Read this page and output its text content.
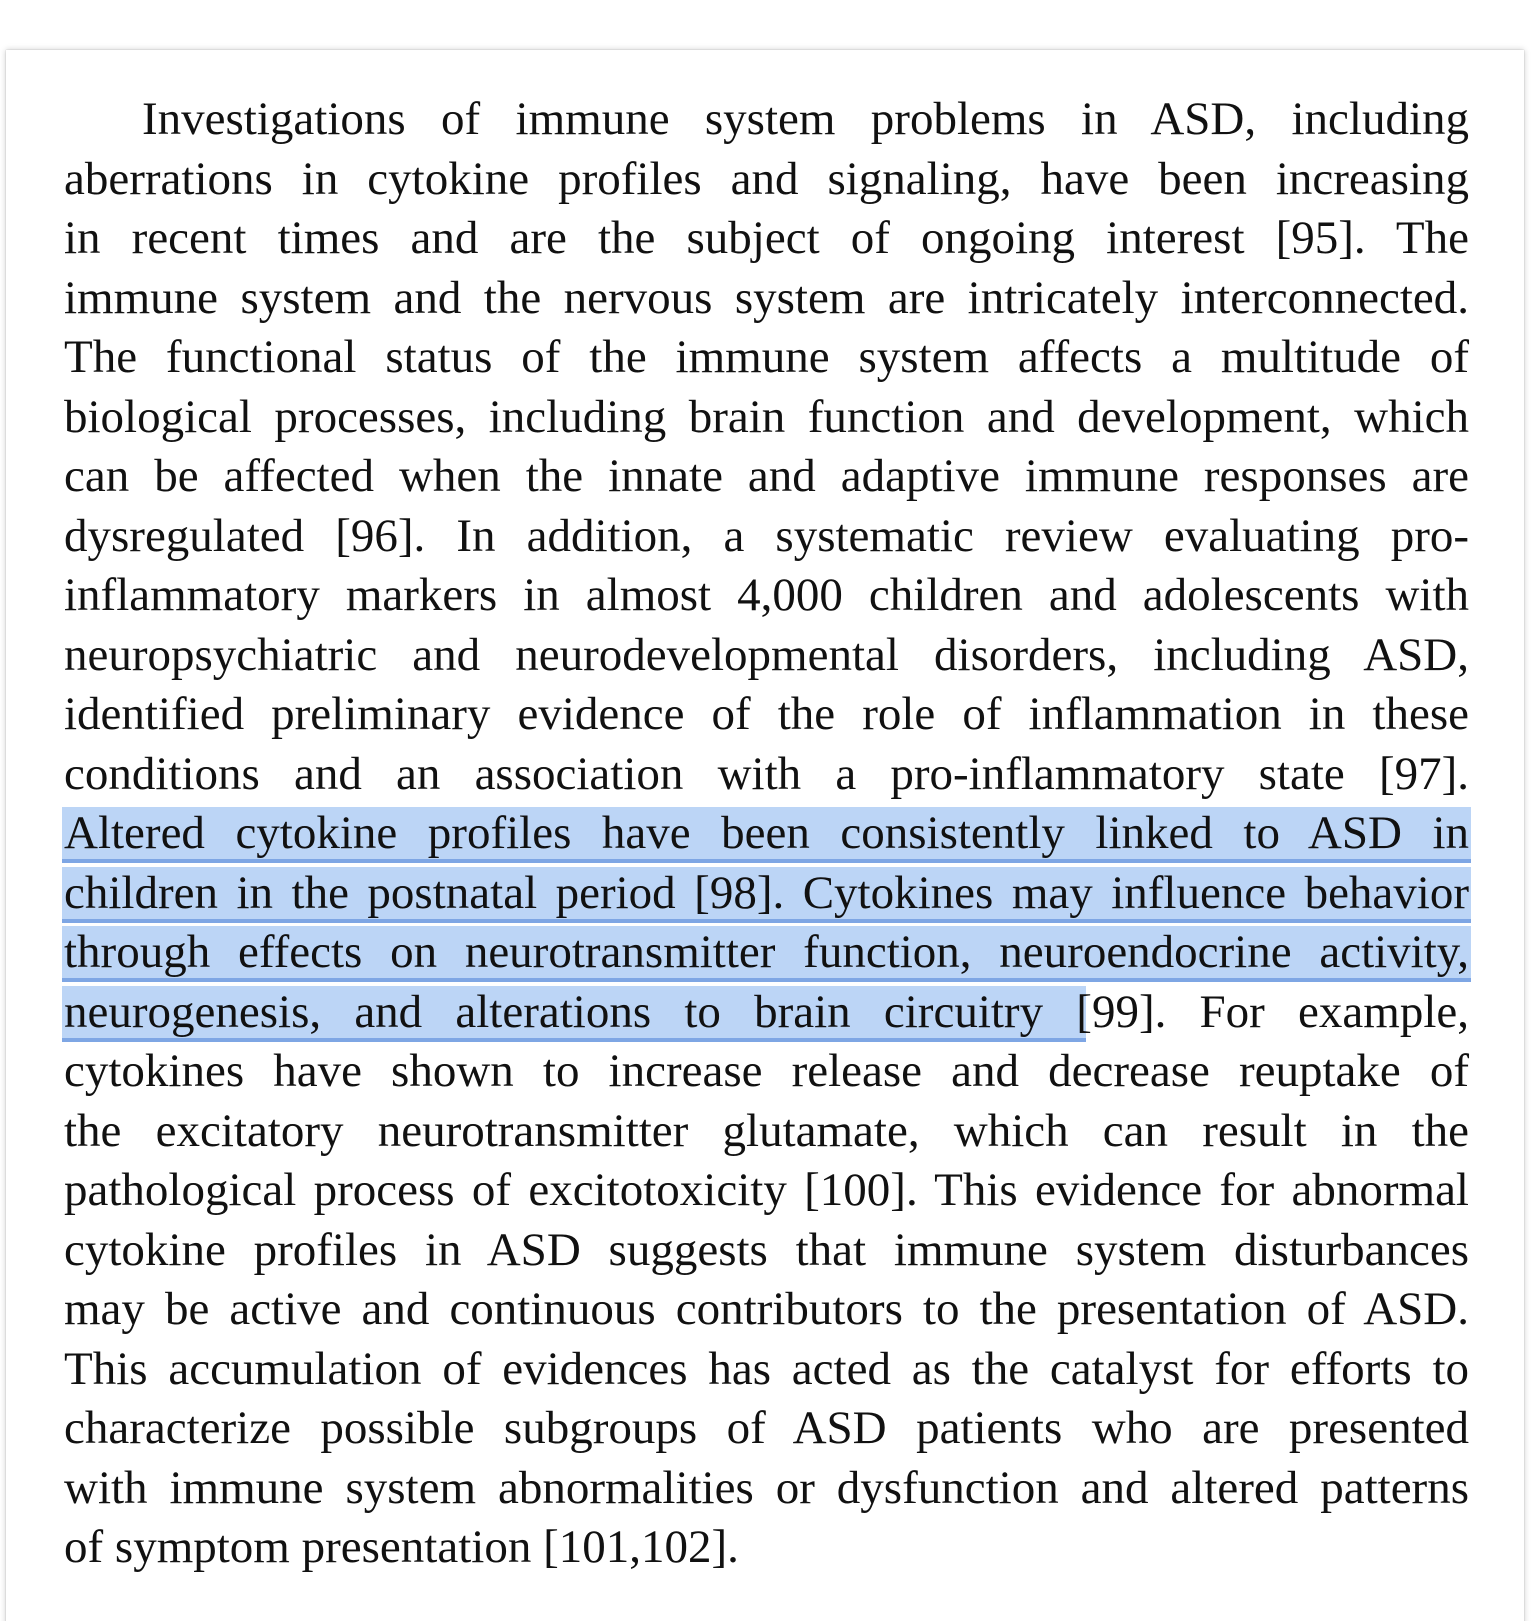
Investigations of immune system problems in ASD, including
aberrations in cytokine profiles and signaling, have been increasing
in recent times and are the subject of ongoing interest [95]. The
immune system and the nervous system are intricately interconnected.
The functional status of the immune system affects a multitude of
biological processes, including brain function and development, which
can be affected when the innate and adaptive immune responses are
dysregulated [96]. In addition, a systematic review evaluating pro-
inflammatory markers in almost 4,000 children and adolescents with
neuropsychiatric and neurodevelopmental disorders, including ASD,
identified preliminary evidence of the role of inflammation in these
conditions and an association with a pro-inflammatory state [97].
Altered cytokine profiles have been consistently linked to ASD in
children in the postnatal period [98]. Cytokines may influence behavior
through effects on neurotransmitter function, neuroendocrine activity,
neurogenesis, and alterations to brain circuitry [99]. For example,
cytokines have shown to increase release and decrease reuptake of
the excitatory neurotransmitter glutamate, which can result in the
pathological process of excitotoxicity [100]. This evidence for abnormal
cytokine profiles in ASD suggests that immune system disturbances
may be active and continuous contributors to the presentation of ASD.
This accumulation of evidences has acted as the catalyst for efforts to
characterize possible subgroups of ASD patients who are presented
with immune system abnormalities or dysfunction and altered patterns
of symptom presentation [101,102].
